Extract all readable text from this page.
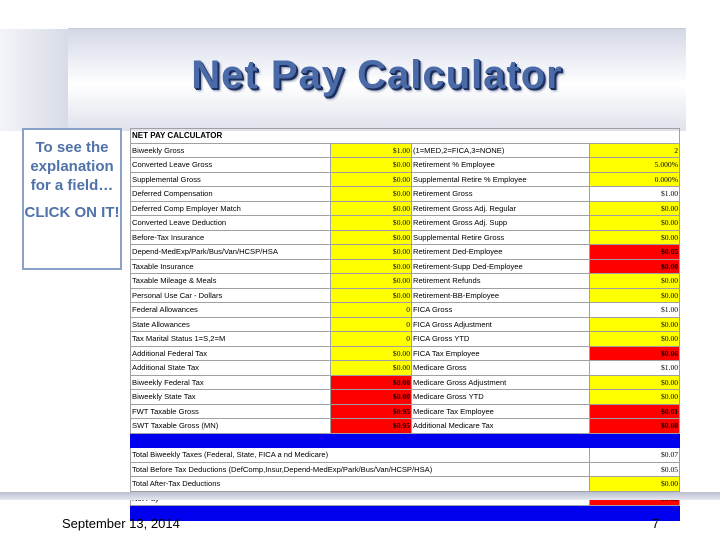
Net Pay Calculator
To see the explanation for a field…
CLICK ON IT!
NET PAY CALCULATOR			
Biweekly Gross	$1.00	(1=MED,2=FICA,3=NONE)	2
Converted Leave Gross	$0.00	Retirement % Employee	5.000%
Supplemental Gross	$0.00	Supplemental Retire % Employee	0.000%
Deferred Compensation	$0.00	Retirement Gross	$1.00
Deferred Comp Employer Match	$0.00	Retirement Gross Adj. Regular	$0.00
Converted Leave Deduction	$0.00	Retirement Gross Adj. Supp	$0.00
Before-Tax Insurance	$0.00	Supplemental Retire Gross	$0.00
Depend-MedExp/Park/Bus/Van/HCSP/HSA	$0.00	Retirement Ded-Employee	$0.05
Taxable Insurance	$0.00	Retirement-Supp Ded-Employee	$0.00
Taxable Mileage & Meals	$0.00	Retirement Refunds	$0.00
Personal Use Car - Dollars	$0.00	Retirement-BB-Employee	$0.00
Federal Allowances	0	FICA Gross	$1.00
State Allowances	0	FICA Gross Adjustment	$0.00
Tax Marital Status 1=S,2=M	0	FICA Gross YTD	$0.00
Additional Federal Tax	$0.00	FICA Tax Employee	$0.06
Additional State Tax	$0.00	Medicare Gross	$1.00
Biweekly Federal Tax	$0.00	Medicare Gross Adjustment	$0.00
Biweekly State Tax	$0.00	Medicare Gross YTD	$0.00
FWT Taxable Gross	$0.95	Medicare Tax Employee	$0.01
SWT Taxable Gross (MN)	$0.95	Additional Medicare Tax	$0.00

Total Biweekly Taxes (Federal, State, FICA a nd Medicare)			$0.07
Total Before Tax Deductions (DefComp,Insur,Depend-MedExp/Park/Bus/Van/HCSP/HSA)			$0.05
Total After-Tax Deductions			$0.00

September 13, 2014	7
